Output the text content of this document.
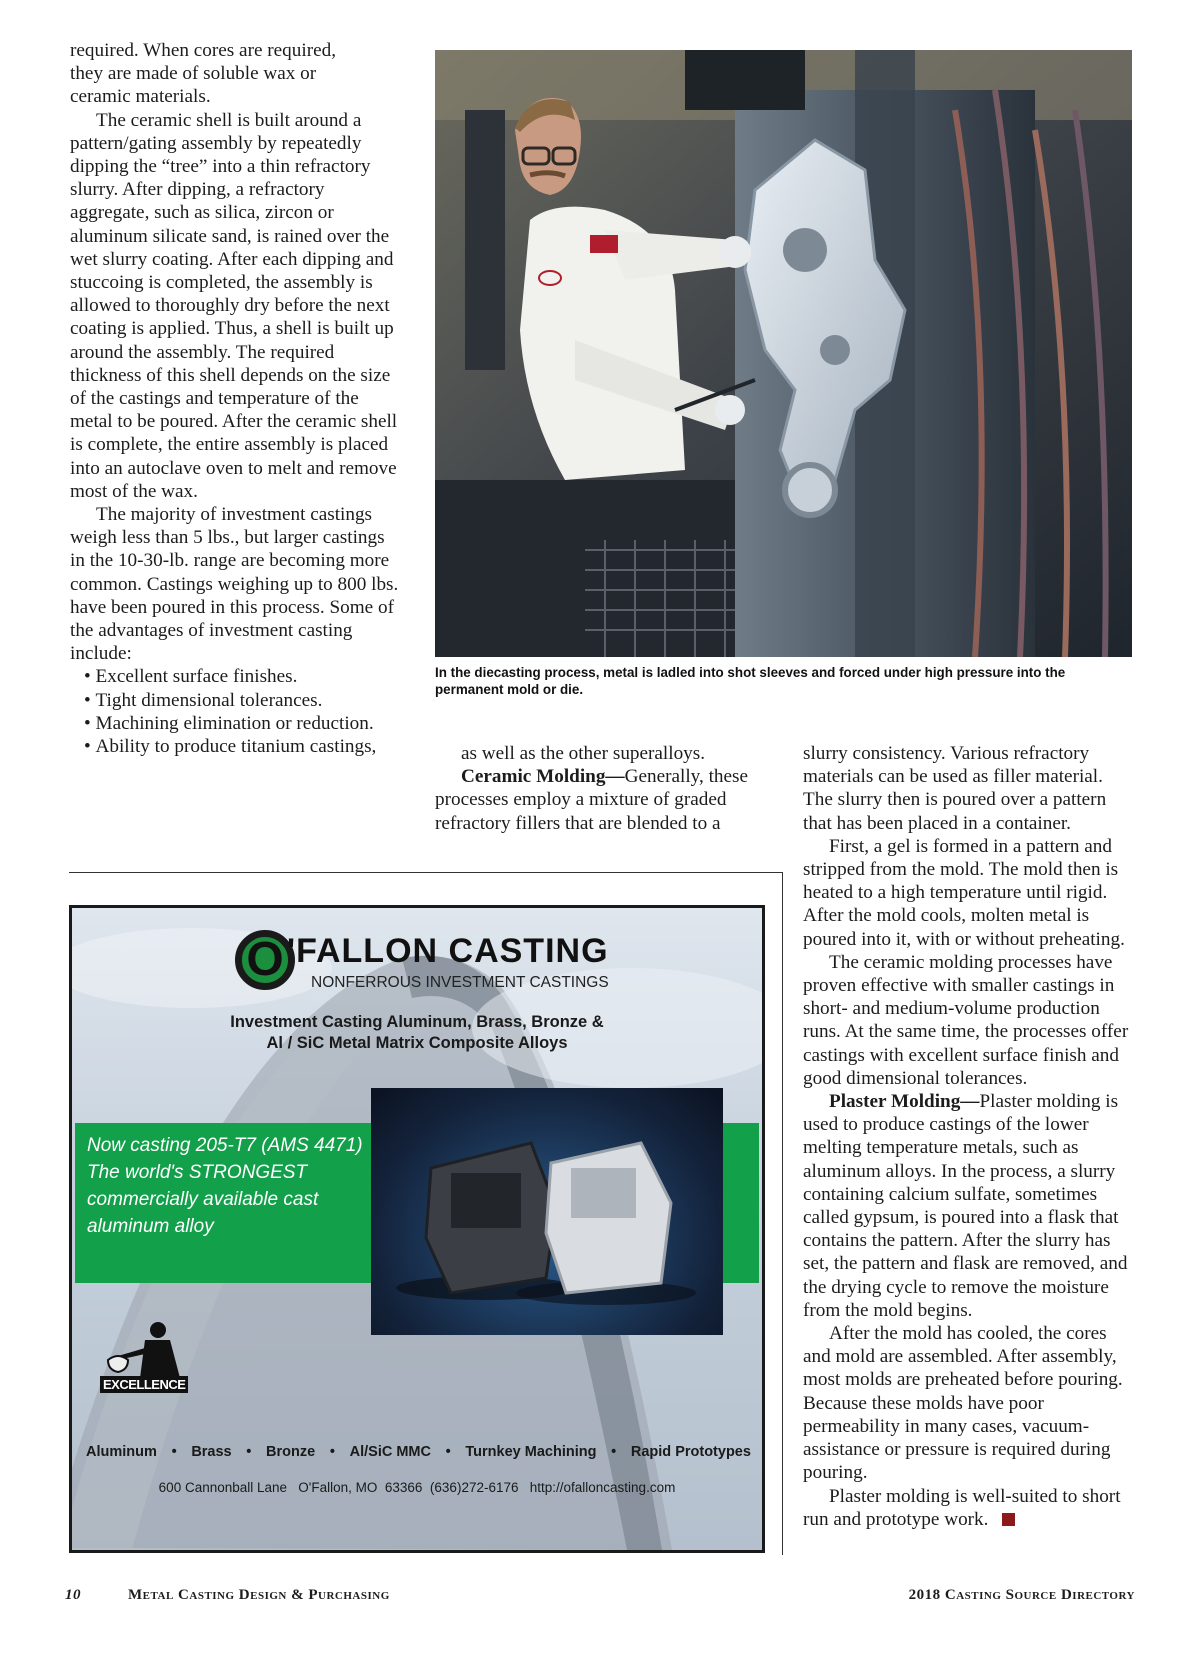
required. When cores are required,

they are made of soluble wax or

ceramic materials.

The ceramic shell is built around a pattern/gating assembly by repeatedly dipping the “tree” into a thin refractory slurry. After dipping, a refractory aggregate, such as silica, zircon or aluminum silicate sand, is rained over the wet slurry coating. After each dipping and stuccoing is completed, the assembly is allowed to thoroughly dry before the next coating is applied. Thus, a shell is built up around the assembly. The required thickness of this shell depends on the size of the castings and temperature of the metal to be poured. After the ceramic shell is complete, the entire assembly is placed into an autoclave oven to melt and remove most of the wax.

The majority of investment castings weigh less than 5 lbs., but larger castings in the 10-30-lb. range are becoming more common. Castings weighing up to 800 lbs. have been poured in this process. Some of the advantages of investment casting include:

• Excellent surface finishes.
• Tight dimensional tolerances.
• Machining elimination or reduction.
• Ability to produce titanium castings,
In the diecasting process, metal is ladled into shot sleeves and forced under high pressure into the permanent mold or die.

as well as the other superalloys.

Ceramic Molding—Generally, these processes employ a mixture of graded refractory fillers that are blended to a

slurry consistency. Various refractory materials can be used as filler material. The slurry then is poured over a pattern that has been placed in a container.

First, a gel is formed in a pattern and stripped from the mold. The mold then is heated to a high temperature until rigid. After the mold cools, molten metal is poured into it, with or without preheating.

The ceramic molding processes have proven effective with smaller castings in short- and medium-volume production runs. At the same time, the processes offer castings with excellent surface finish and good dimensional tolerances.

Plaster Molding—Plaster molding is used to produce castings of the lower melting temperature metals, such as aluminum alloys. In the process, a slurry containing calcium sulfate, sometimes called gypsum, is poured into a flask that contains the pattern. After the slurry has set, the pattern and flask are removed, and the drying cycle to remove the moisture from the mold begins.

After the mold has cooled, the cores and mold are assembled. After assembly, most molds are preheated before pouring. Because these molds have poor permeability in many cases, vacuum-assistance or pressure is required during pouring.

Plaster molding is well-suited to short run and prototype work.

O 'FALLON CASTING
NONFERROUS INVESTMENT CASTINGS
Investment Casting Aluminum, Brass, Bronze &
Al / SiC Metal Matrix Composite Alloys
Now casting 205-T7 (AMS 4471)
The world's STRONGEST
commercially available cast
aluminum alloy
EXCELLENCE
Aluminum • Brass • Bronze • Al/SiC MMC • Turnkey Machining • Rapid Prototypes
600 Cannonball Lane   O'Fallon, MO  63366  (636)272-6176   http://ofalloncasting.com
10	Metal Casting Design & Purchasing	2018 Casting Source Directory
